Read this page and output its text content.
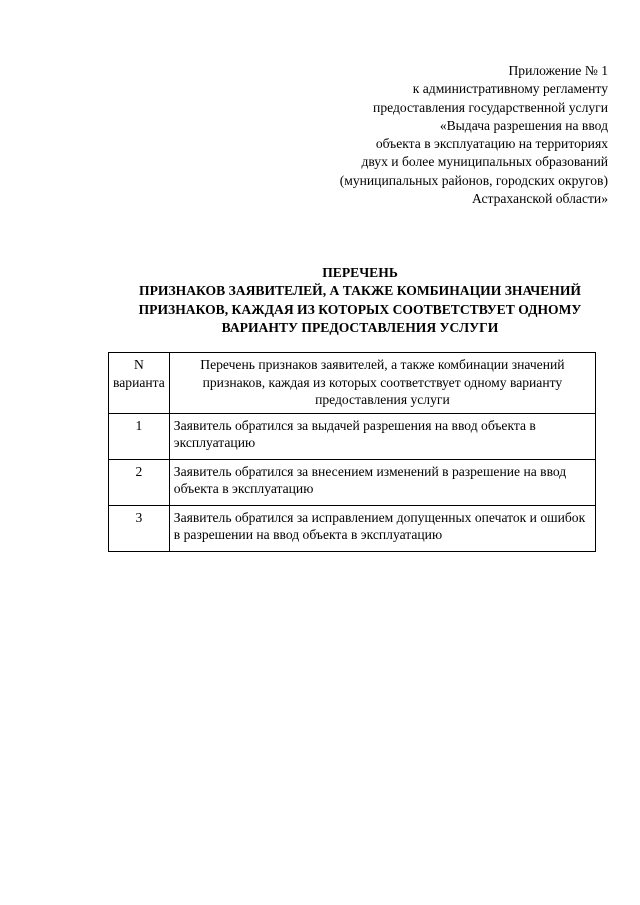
Приложение № 1
к административному регламенту
предоставления государственной услуги
«Выдача разрешения на ввод
объекта в эксплуатацию на территориях
двух и более муниципальных образований
(муниципальных районов, городских округов)
Астраханской области»
ПЕРЕЧЕНЬ
ПРИЗНАКОВ ЗАЯВИТЕЛЕЙ, А ТАКЖЕ КОМБИНАЦИИ ЗНАЧЕНИЙ
ПРИЗНАКОВ, КАЖДАЯ ИЗ КОТОРЫХ СООТВЕТСТВУЕТ ОДНОМУ
ВАРИАНТУ ПРЕДОСТАВЛЕНИЯ УСЛУГИ
N варианта	Перечень признаков заявителей, а также комбинации значений признаков, каждая из которых соответствует одному варианту предоставления услуги
1	Заявитель обратился за выдачей разрешения на ввод объекта в эксплуатацию
2	Заявитель обратился за внесением изменений в разрешение на ввод объекта в эксплуатацию
3	Заявитель обратился за исправлением допущенных опечаток и ошибок в разрешении на ввод объекта в эксплуатацию
